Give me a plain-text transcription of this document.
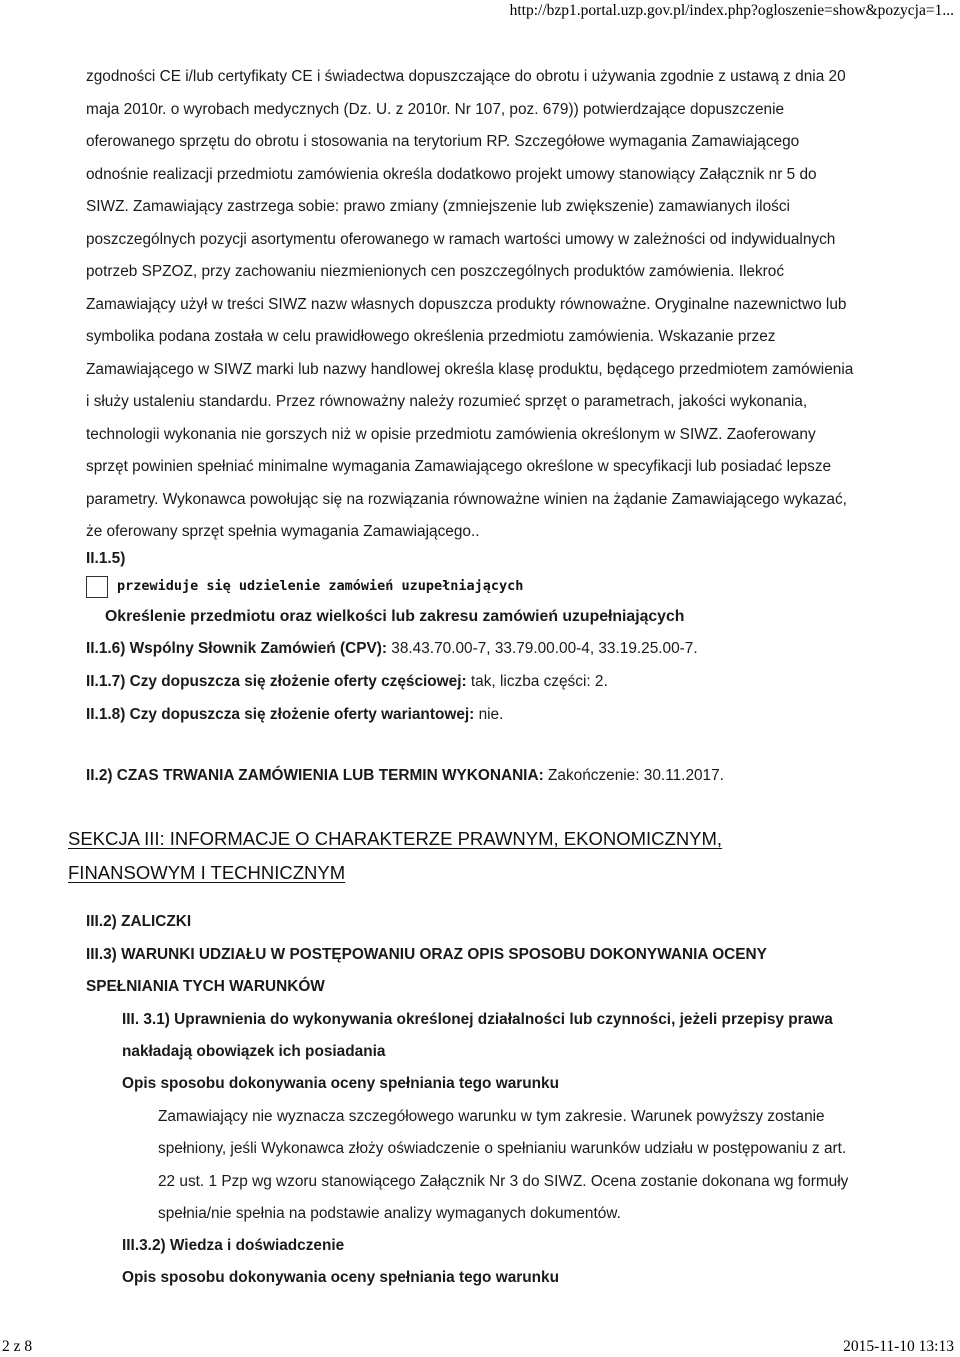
http://bzp1.portal.uzp.gov.pl/index.php?ogloszenie=show&pozycja=1...
zgodności CE i/lub certyfikaty CE i świadectwa dopuszczające do obrotu i używania zgodnie z ustawą z dnia 20
maja 2010r. o wyrobach medycznych (Dz. U. z 2010r. Nr 107, poz. 679)) potwierdzające dopuszczenie
oferowanego sprzętu do obrotu i stosowania na terytorium RP. Szczegółowe wymagania Zamawiającego
odnośnie realizacji przedmiotu zamówienia określa dodatkowo projekt umowy stanowiący Załącznik nr 5 do
SIWZ. Zamawiający zastrzega sobie: prawo zmiany (zmniejszenie lub zwiększenie) zamawianych ilości
poszczególnych pozycji asortymentu oferowanego w ramach wartości umowy w zależności od indywidualnych
potrzeb SPZOZ, przy zachowaniu niezmienionych cen poszczególnych produktów zamówienia. Ilekroć
Zamawiający użył w treści SIWZ nazw własnych dopuszcza produkty równoważne. Oryginalne nazewnictwo lub
symbolika podana została w celu prawidłowego określenia przedmiotu zamówienia. Wskazanie przez
Zamawiającego w SIWZ marki lub nazwy handlowej określa klasę produktu, będącego przedmiotem zamówienia
i służy ustaleniu standardu. Przez równoważny należy rozumieć sprzęt o parametrach, jakości wykonania,
technologii wykonania nie gorszych niż w opisie przedmiotu zamówienia określonym w SIWZ. Zaoferowany
sprzęt powinien spełniać minimalne wymagania Zamawiającego określone w specyfikacji lub posiadać lepsze
parametry. Wykonawca powołując się na rozwiązania równoważne winien na żądanie Zamawiającego wykazać,
że oferowany sprzęt spełnia wymagania Zamawiającego..
II.1.5)
przewiduje się udzielenie zamówień uzupełniających
Określenie przedmiotu oraz wielkości lub zakresu zamówień uzupełniających
II.1.6) Wspólny Słownik Zamówień (CPV): 38.43.70.00-7, 33.79.00.00-4, 33.19.25.00-7.
II.1.7) Czy dopuszcza się złożenie oferty częściowej: tak, liczba części: 2.
II.1.8) Czy dopuszcza się złożenie oferty wariantowej: nie.
II.2) CZAS TRWANIA ZAMÓWIENIA LUB TERMIN WYKONANIA: Zakończenie: 30.11.2017.
SEKCJA III: INFORMACJE O CHARAKTERZE PRAWNYM, EKONOMICZNYM,
FINANSOWYM I TECHNICZNYM
III.2) ZALICZKI
III.3) WARUNKI UDZIAŁU W POSTĘPOWANIU ORAZ OPIS SPOSOBU DOKONYWANIA OCENY
SPEŁNIANIA TYCH WARUNKÓW
III. 3.1) Uprawnienia do wykonywania określonej działalności lub czynności, jeżeli przepisy prawa
nakładają obowiązek ich posiadania
Opis sposobu dokonywania oceny spełniania tego warunku
Zamawiający nie wyznacza szczegółowego warunku w tym zakresie. Warunek powyższy zostanie
spełniony, jeśli Wykonawca złoży oświadczenie o spełnianiu warunków udziału w postępowaniu z art.
22 ust. 1 Pzp wg wzoru stanowiącego Załącznik Nr 3 do SIWZ. Ocena zostanie dokonana wg formuły
spełnia/nie spełnia na podstawie analizy wymaganych dokumentów.
III.3.2) Wiedza i doświadczenie
Opis sposobu dokonywania oceny spełniania tego warunku
2 z 8	2015-11-10 13:13
